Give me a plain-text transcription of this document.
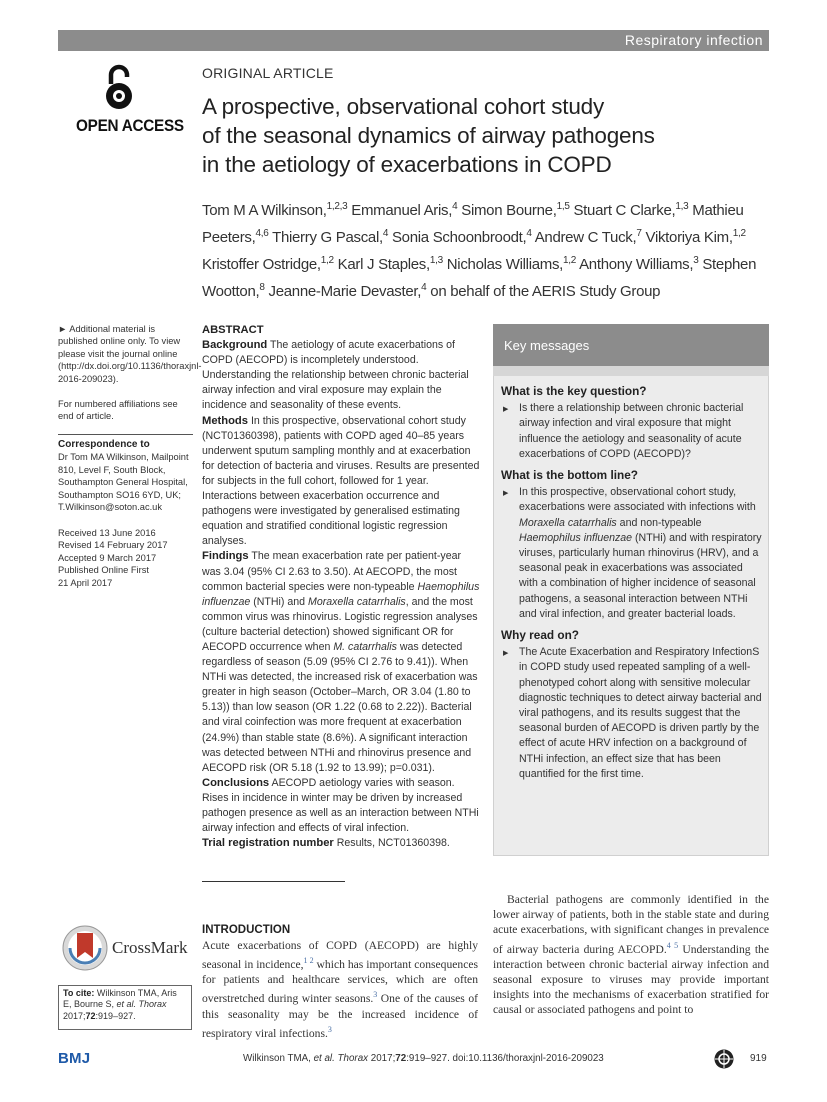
Respiratory infection
OPEN ACCESS
ORIGINAL ARTICLE
A prospective, observational cohort study
of the seasonal dynamics of airway pathogens
in the aetiology of exacerbations in COPD
Tom M A Wilkinson,$^{1,2,3}$ Emmanuel Aris,$^4$ Simon Bourne,$^{1,5}$ Stuart C Clarke,$^{1,3}$ Mathieu Peeters,$^{4,6}$ Thierry G Pascal,$^4$ Sonia Schoonbroodt,$^4$ Andrew C Tuck,$^7$ Viktoriya Kim,$^{1,2}$ Kristoffer Ostridge,$^{1,2}$ Karl J Staples,$^{1,3}$ Nicholas Williams,$^{1,2}$ Anthony Williams,$^3$ Stephen Wootton,$^8$ Jeanne-Marie Devaster,$^4$ on behalf of the AERIS Study Group
► Additional material is published online only. To view please visit the journal online (http://dx.doi.org/10.1136/thoraxjnl-2016-209023).
For numbered affiliations see end of article.
Correspondence to
Dr Tom MA Wilkinson, Mailpoint
810, Level F, South Block,
Southampton General Hospital,
Southampton SO16 6YD, UK;
T.Wilkinson@soton.ac.uk
Received 13 June 2016
Revised 14 February 2017
Accepted 9 March 2017
Published Online First
21 April 2017
ABSTRACT

Background The aetiology of acute exacerbations of COPD (AECOPD) is incompletely understood. Understanding the relationship between chronic bacterial airway infection and viral exposure may explain the incidence and seasonality of these events.

Methods In this prospective, observational cohort study (NCT01360398), patients with COPD aged 40–85 years underwent sputum sampling monthly and at exacerbation for detection of bacteria and viruses. Results are presented for subjects in the full cohort, followed for 1 year. Interactions between exacerbation occurrence and pathogens were investigated by generalised estimating equation and stratified conditional logistic regression analyses.

Findings The mean exacerbation rate per patient-year was 3.04 (95% CI 2.63 to 3.50). At AECOPD, the most common bacterial species were non-typeable Haemophilus influenzae (NTHi) and Moraxella catarrhalis, and the most common virus was rhinovirus. Logistic regression analyses (culture bacterial detection) showed significant OR for AECOPD occurrence when M. catarrhalis was detected regardless of season (5.09 (95% CI 2.76 to 9.41)). When NTHi was detected, the increased risk of exacerbation was greater in high season (October–March, OR 3.04 (1.80 to 5.13)) than low season (OR 1.22 (0.68 to 2.22)). Bacterial and viral coinfection was more frequent at exacerbation (24.9%) than stable state (8.6%). A significant interaction was detected between NTHi and rhinovirus presence and AECOPD risk (OR 5.18 (1.92 to 13.99); p=0.031).

Conclusions AECOPD aetiology varies with season. Rises in incidence in winter may be driven by increased pathogen presence as well as an interaction between NTHi airway infection and effects of viral infection.

Trial registration number Results, NCT01360398.

Key messages
What is the key question?
▶ Is there a relationship between chronic bacterial airway infection and viral exposure that might influence the aetiology and seasonality of acute exacerbations of COPD (AECOPD)?
What is the bottom line?
▶ In this prospective, observational cohort study, exacerbations were associated with infections with Moraxella catarrhalis and non-typeable Haemophilus influenzae (NTHi) and with respiratory viruses, particularly human rhinovirus (HRV), and a seasonal peak in exacerbations was associated with a combination of higher incidence of seasonal pathogens, a seasonal interaction between NTHi and viral infection, and greater bacterial loads.
Why read on?
▶ The Acute Exacerbation and Respiratory InfectionS in COPD study used repeated sampling of a well-phenotyped cohort along with sensitive molecular diagnostic techniques to detect airway bacterial and viral pathogens, and its results suggest that the seasonal burden of AECOPD is driven partly by the effect of acute HRV infection on a background of NTHi infection, an effect size that has been quantified for the first time.
CrossMark
To cite: Wilkinson TMA, Aris E, Bourne S, et al. Thorax 2017;72:919–927.
INTRODUCTION
Acute exacerbations of COPD (AECOPD) are highly seasonal in incidence,$^{1 2}$ which has important consequences for patients and healthcare services, which are often overstretched during winter seasons.$^3$ One of the causes of this seasonality may be the increased incidence of respiratory viral infections.$^3$
Bacterial pathogens are commonly identified in the lower airway of patients, both in the stable state and during acute exacerbations, with significant changes in prevalence of airway bacteria during AECOPD.$^{4 5}$ Understanding the interaction between chronic bacterial airway infection and seasonal exposure to viruses may provide important insights into the mechanisms of exacerbation stratified for causal or associated pathogens and point to
BMJ	Wilkinson TMA, et al. Thorax 2017;72:919–927. doi:10.1136/thoraxjnl-2016-209023	919
